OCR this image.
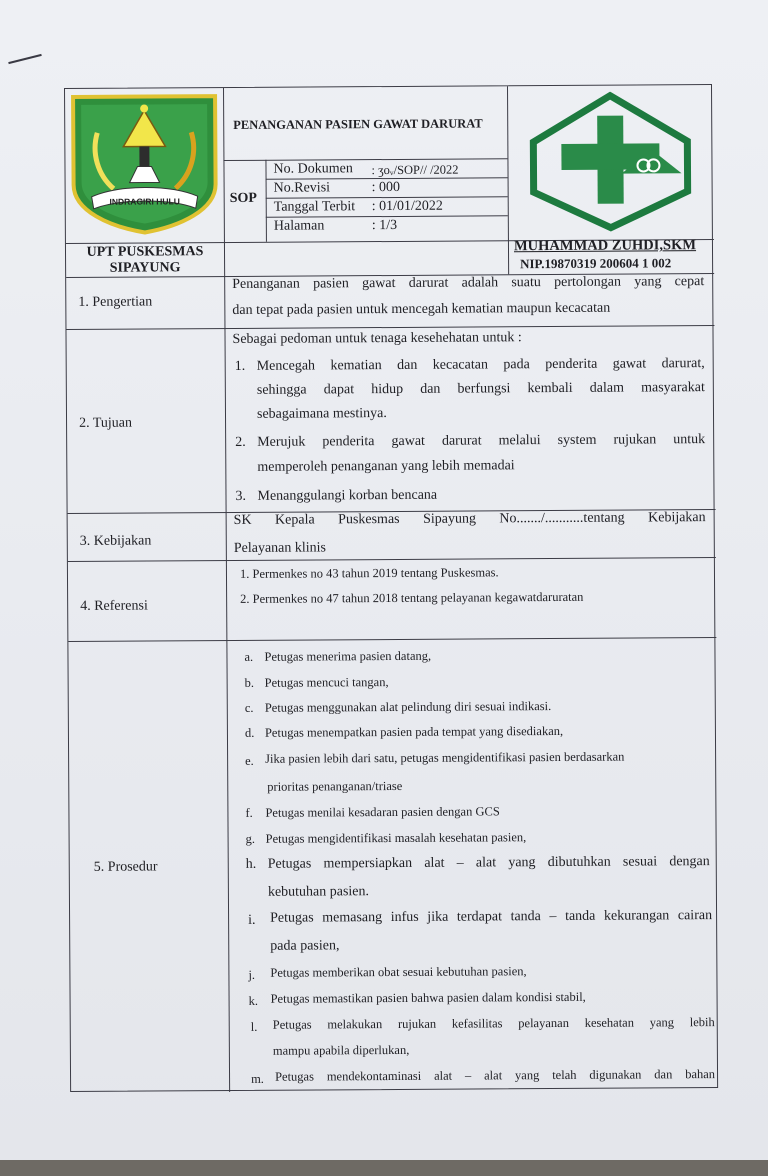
INDRAGIRI HULU
PENANGANAN PASIEN GAWAT DARURAT
SOP
No. Dokumen : ʒoᵥ/SOP// /2022
No.Revisi	: 000
Tanggal Terbit : 01/01/2022
Halaman	: 1/3
UPT PUSKESMAS
SIPAYUNG
MUHAMMAD ZUHDI,SKM
NIP.19870319 200604 1 002
1. Pengertian
Penanganan pasien gawat darurat adalah suatu pertolongan yang cepat
dan tepat pada pasien untuk mencegah kematian maupun kecacatan
2. Tujuan
Sebagai pedoman untuk tenaga kesehehatan untuk :
1. Mencegah kematian dan kecacatan pada penderita gawat darurat,
sehingga dapat hidup dan berfungsi kembali dalam masyarakat
sebagaimana mestinya.
2. Merujuk penderita gawat darurat melalui system rujukan untuk
memperoleh penanganan yang lebih memadai
3. Menanggulangi korban bencana
3. Kebijakan
SK Kepala Puskesmas Sipayung No......./...........tentang Kebijakan
Pelayanan klinis
4. Referensi
1. Permenkes no 43 tahun 2019 tentang Puskesmas.
2. Permenkes no 47 tahun 2018 tentang pelayanan kegawatdaruratan
5. Prosedur
a. Petugas menerima pasien datang,
b. Petugas mencuci tangan,
c. Petugas menggunakan alat pelindung diri sesuai indikasi.
d. Petugas menempatkan pasien pada tempat yang disediakan,
e. Jika pasien lebih dari satu, petugas mengidentifikasi pasien berdasarkan
prioritas penanganan/triase
f. Petugas menilai kesadaran pasien dengan GCS
g. Petugas mengidentifikasi masalah kesehatan pasien,
h. Petugas mempersiapkan alat – alat yang dibutuhkan sesuai dengan
kebutuhan pasien.
i. Petugas memasang infus jika terdapat tanda – tanda kekurangan cairan
pada pasien,
j. Petugas memberikan obat sesuai kebutuhan pasien,
k. Petugas memastikan pasien bahwa pasien dalam kondisi stabil,
l. Petugas melakukan rujukan kefasilitas pelayanan kesehatan yang lebih
mampu apabila diperlukan,
m. Petugas mendekontaminasi alat – alat yang telah digunakan dan bahan
